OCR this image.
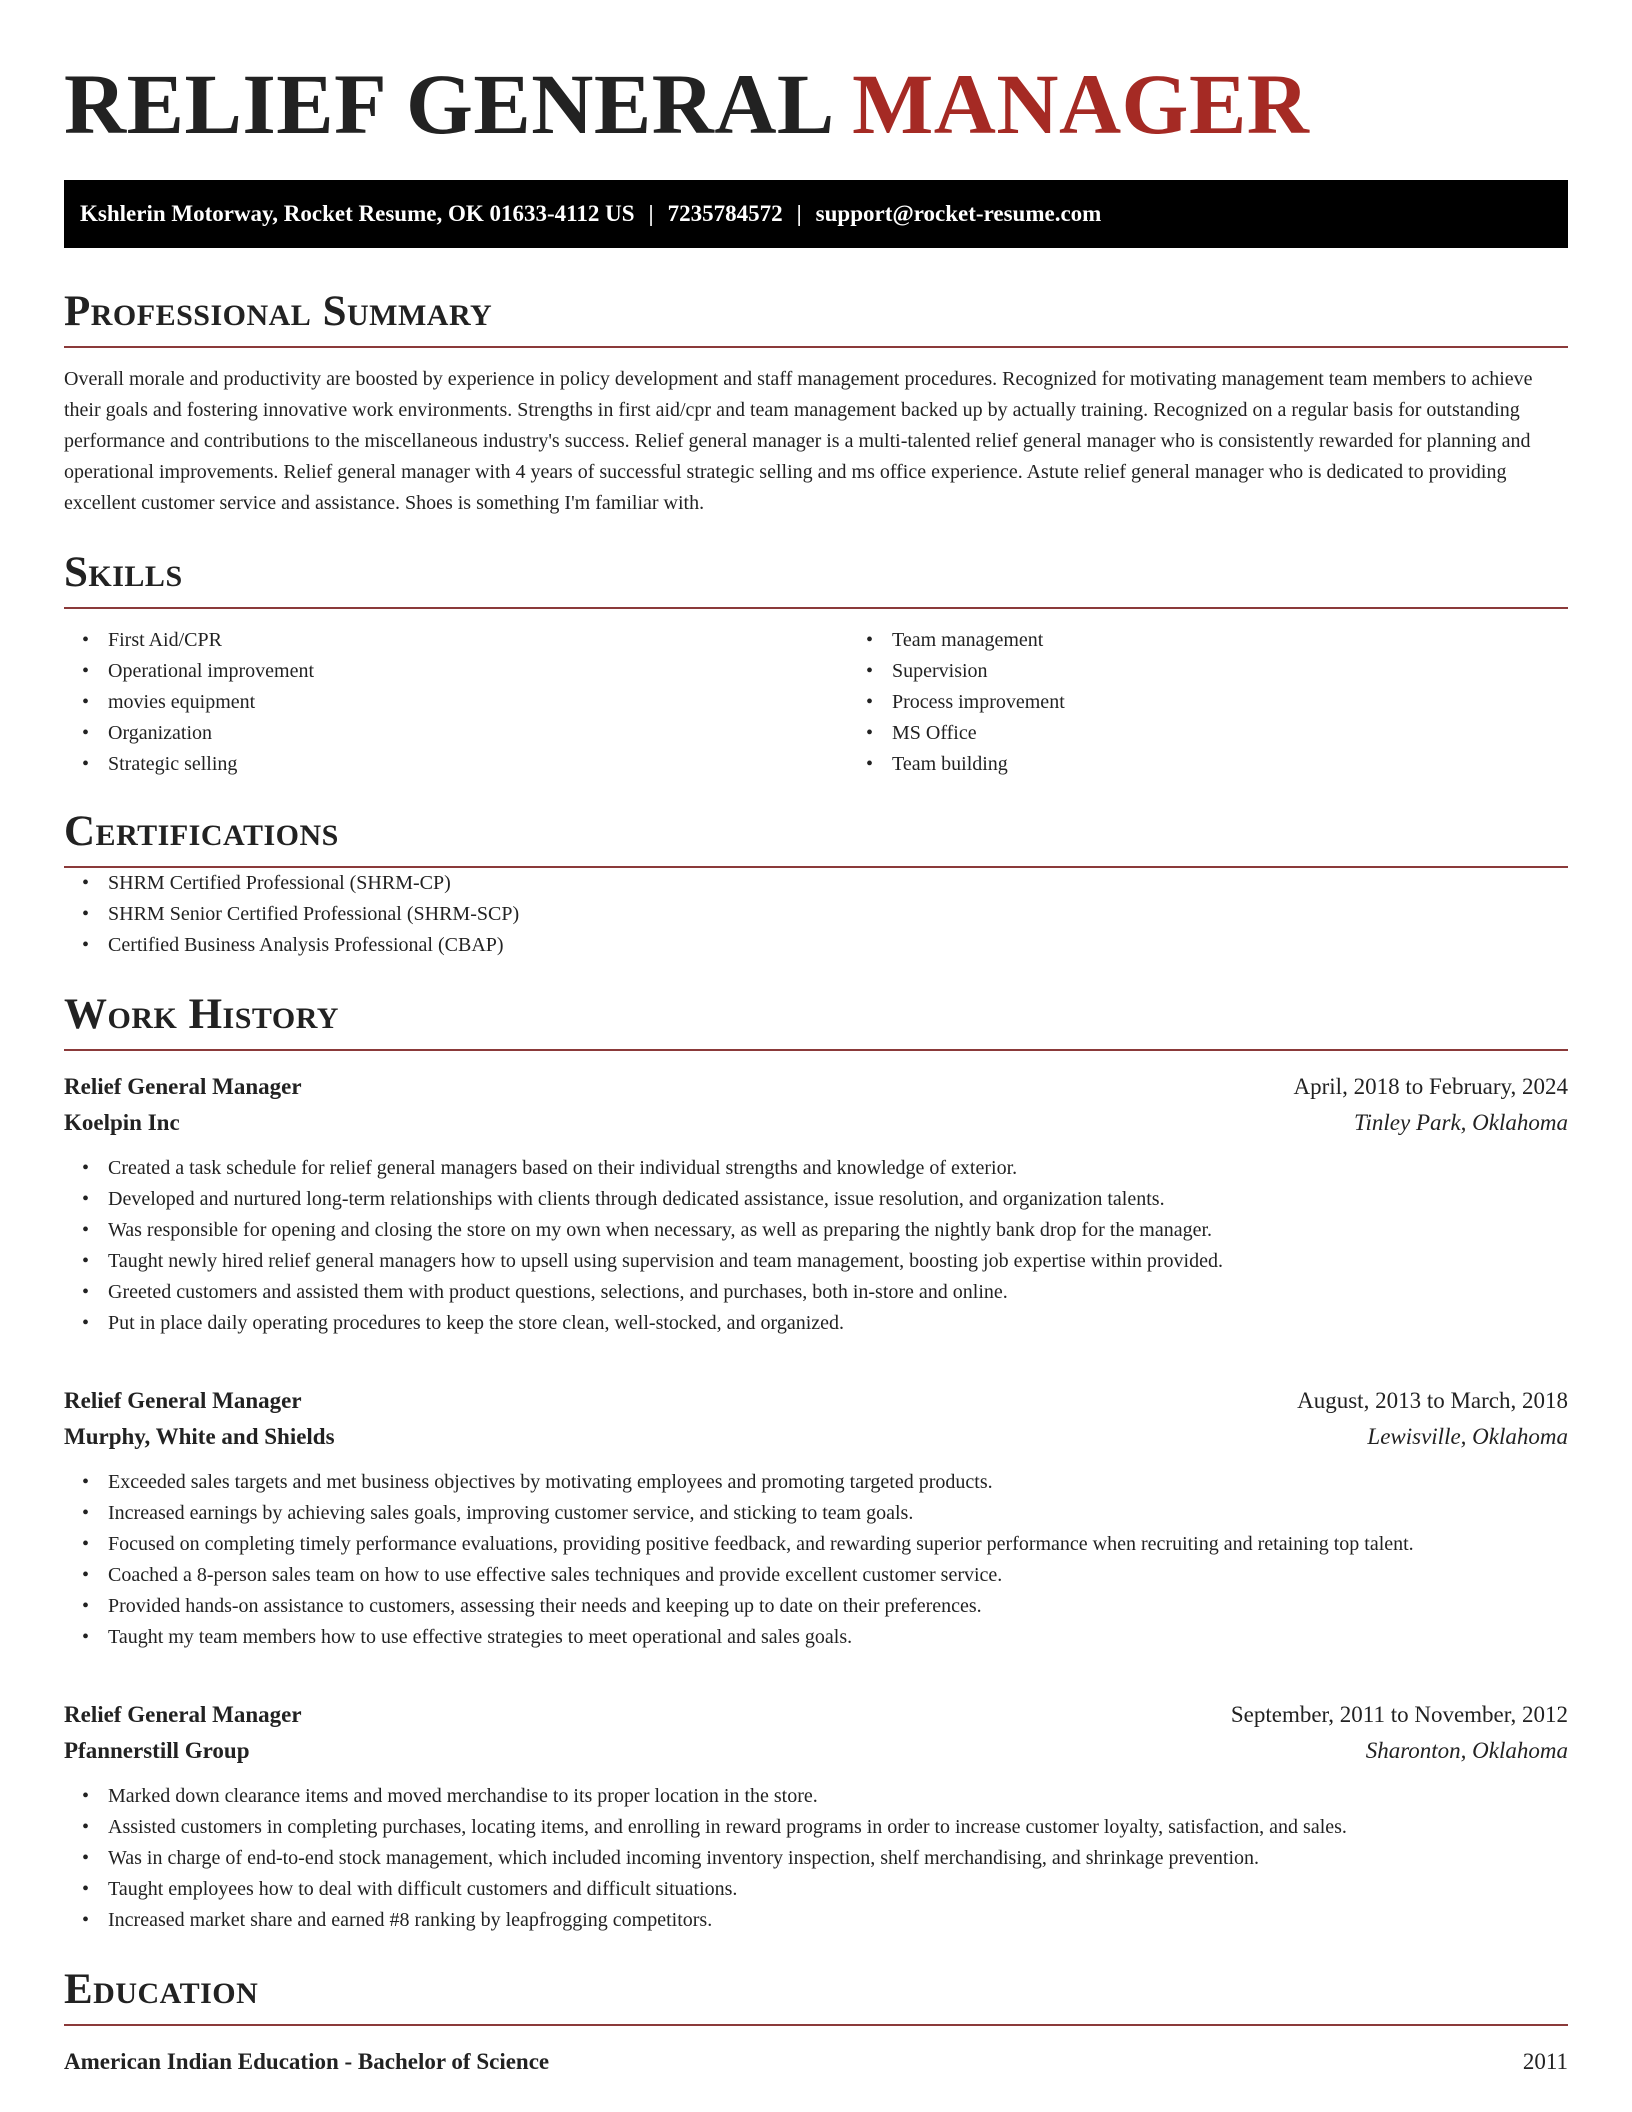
RELIEF GENERAL MANAGER
Kshlerin Motorway, Rocket Resume, OK 01633-4112 US | 7235784572 | support@rocket-resume.com
Professional Summary

Overall morale and productivity are boosted by experience in policy development and staff management procedures. Recognized for motivating management team members to achieve their goals and fostering innovative work environments. Strengths in first aid/cpr and team management backed up by actually training. Recognized on a regular basis for outstanding performance and contributions to the miscellaneous industry's success. Relief general manager is a multi-talented relief general manager who is consistently rewarded for planning and operational improvements. Relief general manager with 4 years of successful strategic selling and ms office experience. Astute relief general manager who is dedicated to providing excellent customer service and assistance. Shoes is something I'm familiar with.

Skills
• First Aid/CPR
• Operational improvement
• movies equipment
• Organization
• Strategic selling
• Team management
• Supervision
• Process improvement
• MS Office
• Team building
Certifications
• SHRM Certified Professional (SHRM-CP)
• SHRM Senior Certified Professional (SHRM-SCP)
• Certified Business Analysis Professional (CBAP)
Work History
Relief General Manager	April, 2018 to February, 2024
Koelpin Inc	Tinley Park, Oklahoma
• Created a task schedule for relief general managers based on their individual strengths and knowledge of exterior.
• Developed and nurtured long-term relationships with clients through dedicated assistance, issue resolution, and organization talents.
• Was responsible for opening and closing the store on my own when necessary, as well as preparing the nightly bank drop for the manager.
• Taught newly hired relief general managers how to upsell using supervision and team management, boosting job expertise within provided.
• Greeted customers and assisted them with product questions, selections, and purchases, both in-store and online.
• Put in place daily operating procedures to keep the store clean, well-stocked, and organized.
Relief General Manager	August, 2013 to March, 2018
Murphy, White and Shields	Lewisville, Oklahoma
• Exceeded sales targets and met business objectives by motivating employees and promoting targeted products.
• Increased earnings by achieving sales goals, improving customer service, and sticking to team goals.
• Focused on completing timely performance evaluations, providing positive feedback, and rewarding superior performance when recruiting and retaining top talent.
• Coached a 8-person sales team on how to use effective sales techniques and provide excellent customer service.
• Provided hands-on assistance to customers, assessing their needs and keeping up to date on their preferences.
• Taught my team members how to use effective strategies to meet operational and sales goals.
Relief General Manager	September, 2011 to November, 2012
Pfannerstill Group	Sharonton, Oklahoma
• Marked down clearance items and moved merchandise to its proper location in the store.
• Assisted customers in completing purchases, locating items, and enrolling in reward programs in order to increase customer loyalty, satisfaction, and sales.
• Was in charge of end-to-end stock management, which included incoming inventory inspection, shelf merchandising, and shrinkage prevention.
• Taught employees how to deal with difficult customers and difficult situations.
• Increased market share and earned #8 ranking by leapfrogging competitors.
Education
American Indian Education - Bachelor of Science	2011
